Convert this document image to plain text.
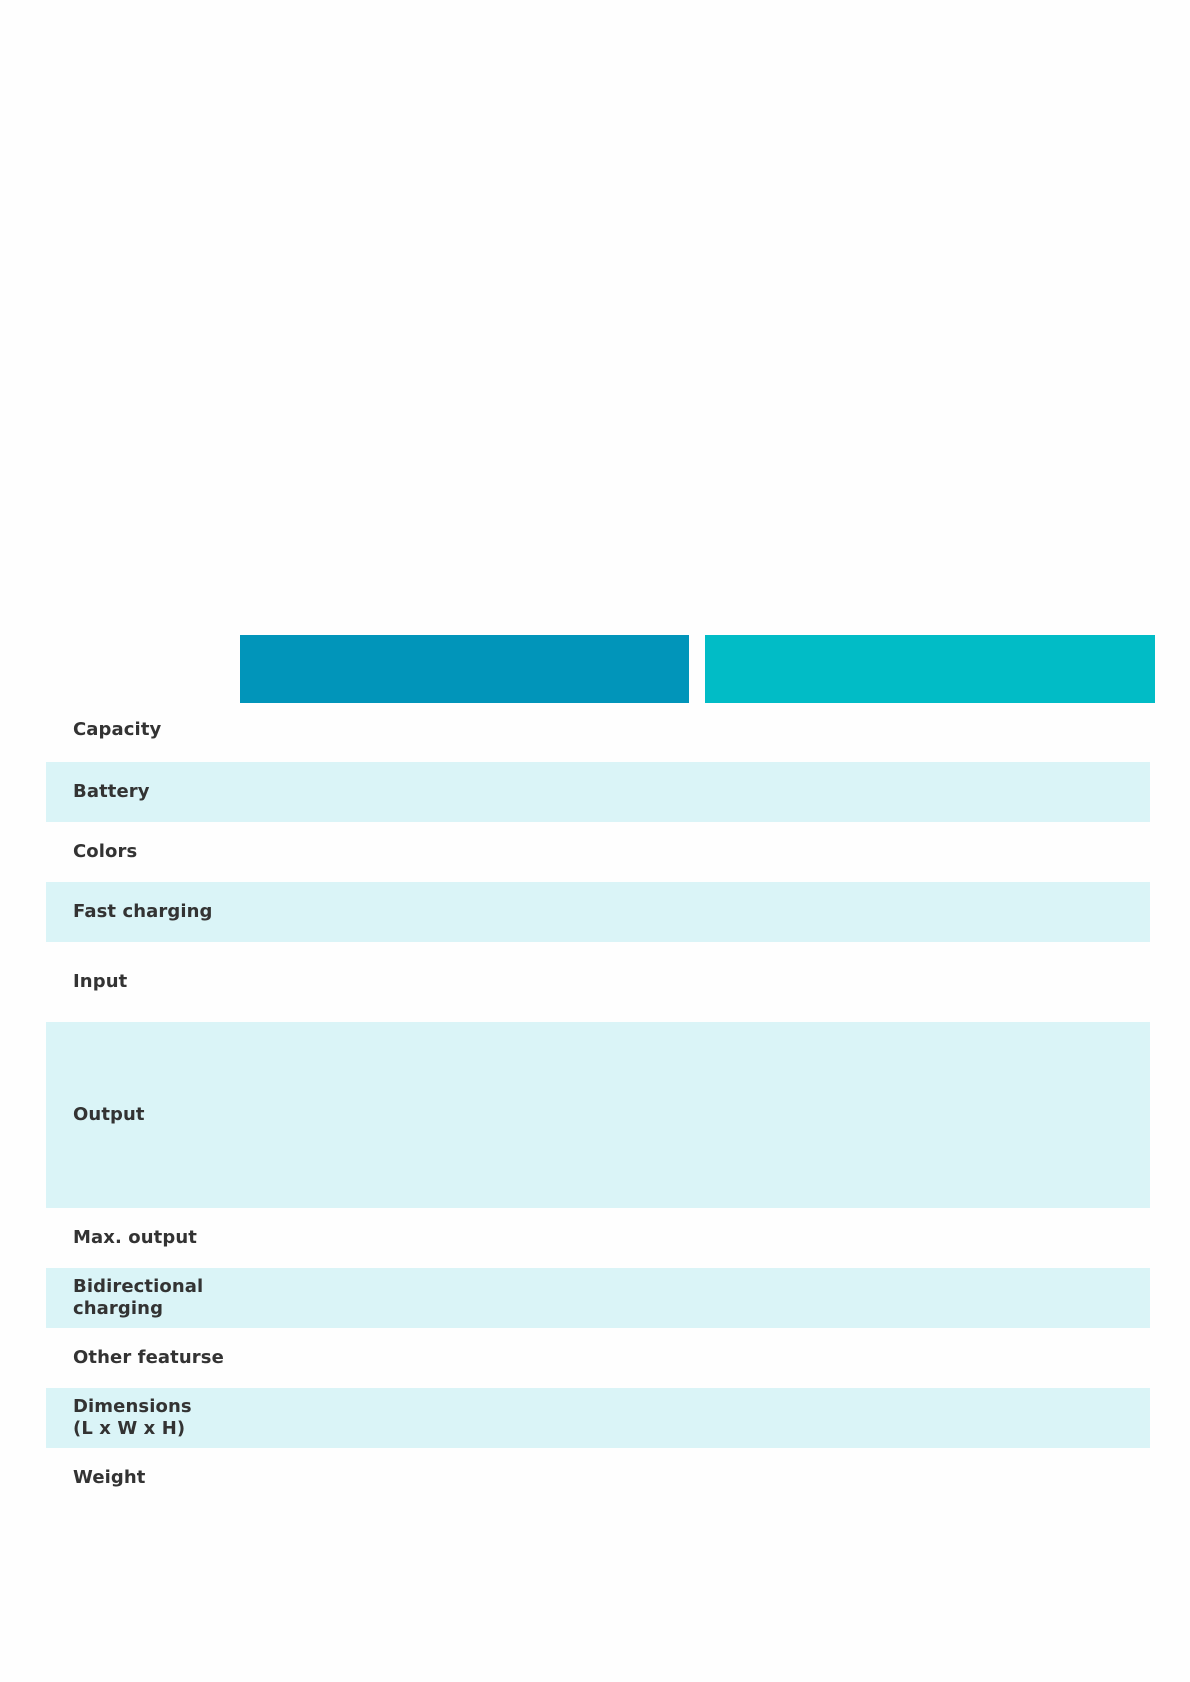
Capacity
Battery
Colors
Fast charging
Input
Output
Max. output
Bidirectional
charging
Other featurse
Dimensions
(L x W x H)
Weight
